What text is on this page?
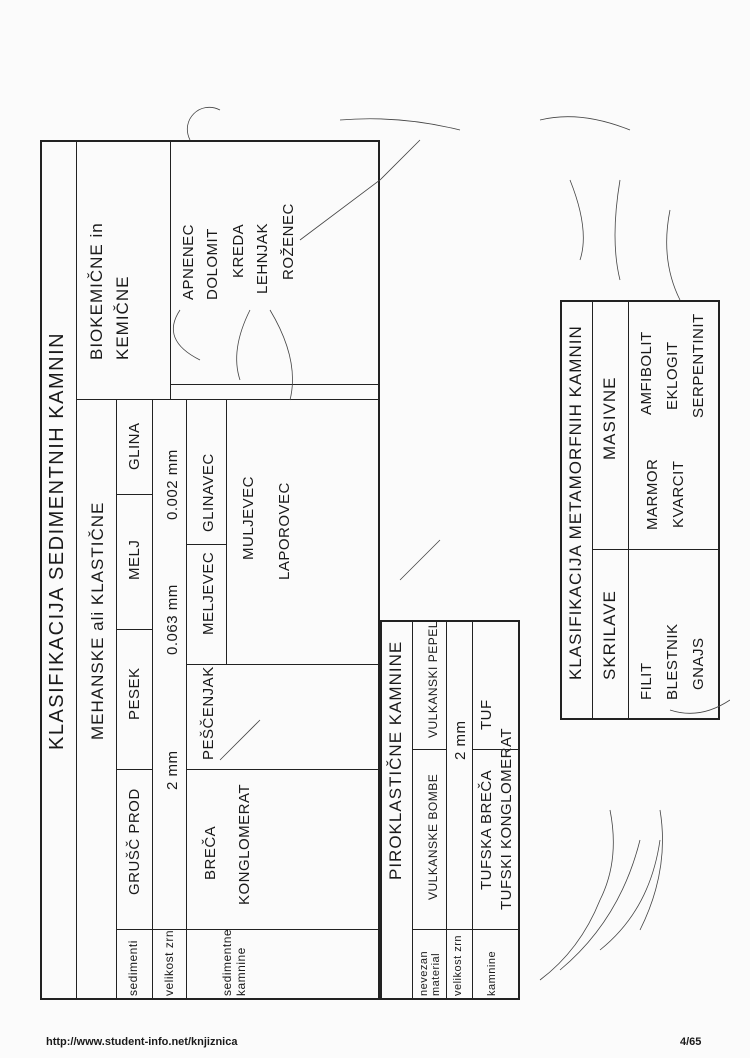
KLASIFIKACIJA SEDIMENTNIH KAMNIN MEHANSKE ali KLASTIČNE
BIOKEMIČNE in KEMIČNE
sedimenti velikost zrn	sedimentne kamnine
GRUŠČ PROD
PESEK
MELJ
GLINA
2 mm
0.063 mm
0.002 mm
BREČA KONGLOMERAT
PEŠČENJAK
MELJEVEC
GLINAVEC MULJEVEC LAPOROVEC
APNENEC DOLOMIT KREDA LEHNJAK ROŽENEC
PIROKLASTIČNE KAMNINE
nevezan material
VULKANSKE BOMBE
VULKANSKI PEPEL
velikost zrn
2 mm
kamnine
TUFSKA BREČA TUFSKI KONGLOMERAT
TUF
KLASIFIKACIJA METAMORFNIH KAMNIN SKRILAVE
MASIVNE
FILIT BLESTNIK GNAJS
MARMOR KVARCIT
AMFIBOLIT EKLOGIT SERPENTINIT
http://www.student-info.net/knjiznica	4/65
